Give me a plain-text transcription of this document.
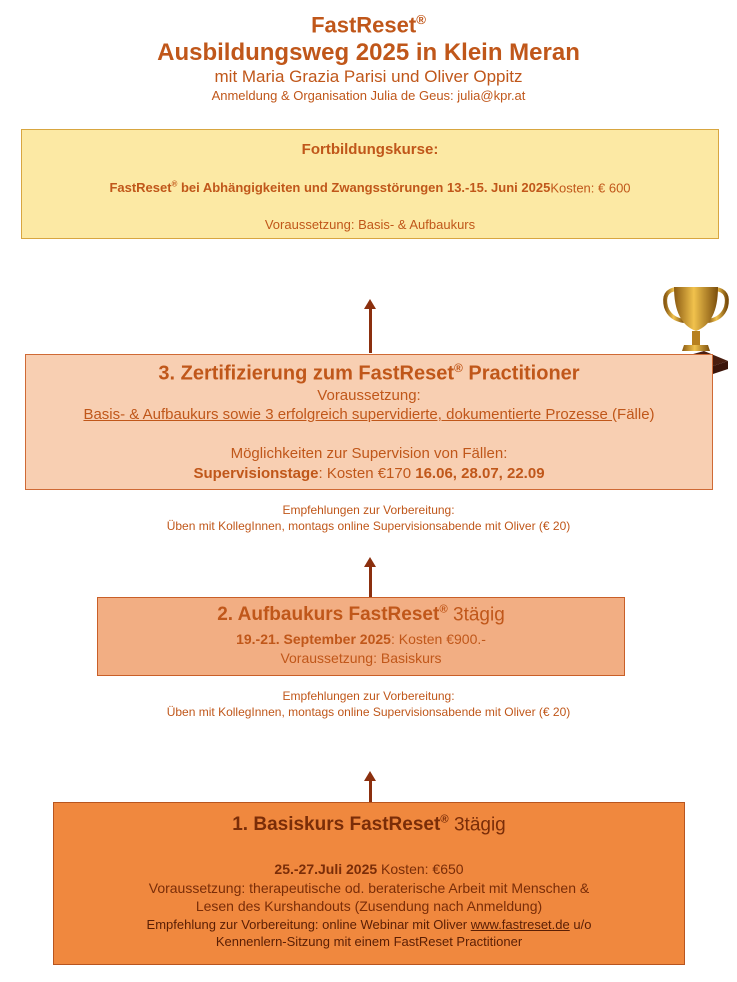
FastReset®
Ausbildungsweg 2025 in Klein Meran
mit Maria Grazia Parisi und Oliver Oppitz
Anmeldung & Organisation Julia de Geus: julia@kpr.at
Fortbildungskurse:
FastReset® bei Abhängigkeiten und Zwangsstörungen 13.-15. Juni 2025Kosten: € 600
Voraussetzung: Basis- & Aufbaukurs
3. Zertifizierung zum FastReset® Practitioner
Voraussetzung:
Basis- & Aufbaukurs sowie 3 erfolgreich supervidierte, dokumentierte Prozesse (Fälle)
Möglichkeiten zur Supervision von Fällen:
Supervisionstage: Kosten €170 16.06, 28.07, 22.09
Empfehlungen zur Vorbereitung:
Üben mit KollegInnen, montags online Supervisionsabende mit Oliver (€ 20)
2. Aufbaukurs FastReset® 3tägig
19.-21. September 2025: Kosten €900.-
Voraussetzung: Basiskurs
Empfehlungen zur Vorbereitung:
Üben mit KollegInnen, montags online Supervisionsabende mit Oliver (€ 20)
1. Basiskurs FastReset® 3tägig
25.-27.Juli 2025 Kosten: €650
Voraussetzung: therapeutische od. beraterische Arbeit mit Menschen &
Lesen des Kurshandouts (Zusendung nach Anmeldung)
Empfehlung zur Vorbereitung: online Webinar mit Oliver www.fastreset.de u/o
Kennenlern-Sitzung mit einem FastReset Practitioner
